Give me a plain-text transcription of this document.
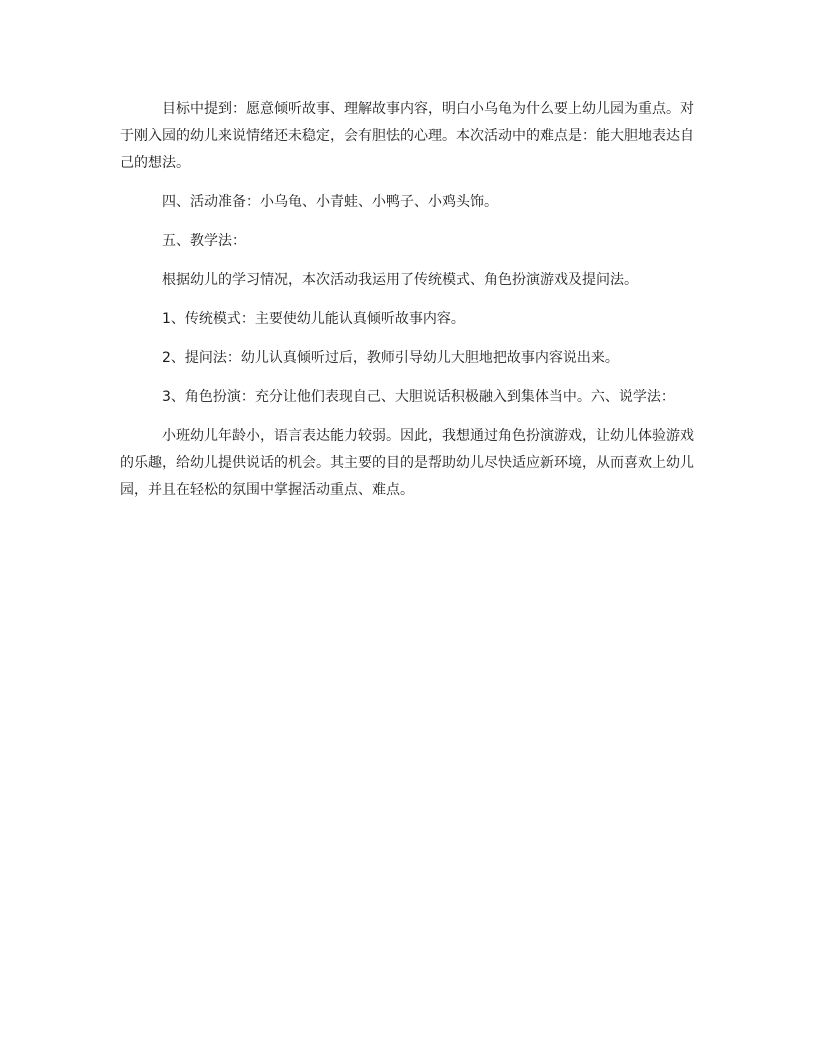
目标中提到：愿意倾听故事、理解故事内容，明白小乌龟为什么要上幼儿园为重点。对于刚入园的幼儿来说情绪还未稳定，会有胆怯的心理。本次活动中的难点是：能大胆地表达自己的想法。

四、活动准备：小乌龟、小青蛙、小鸭子、小鸡头饰。

五、教学法：

根据幼儿的学习情况，本次活动我运用了传统模式、角色扮演游戏及提问法。

1、传统模式：主要使幼儿能认真倾听故事内容。

2、提问法：幼儿认真倾听过后，教师引导幼儿大胆地把故事内容说出来。

3、角色扮演：充分让他们表现自己、大胆说话积极融入到集体当中。六、说学法：

小班幼儿年龄小，语言表达能力较弱。因此，我想通过角色扮演游戏，让幼儿体验游戏的乐趣，给幼儿提供说话的机会。其主要的目的是帮助幼儿尽快适应新环境，从而喜欢上幼儿园，并且在轻松的氛围中掌握活动重点、难点。
